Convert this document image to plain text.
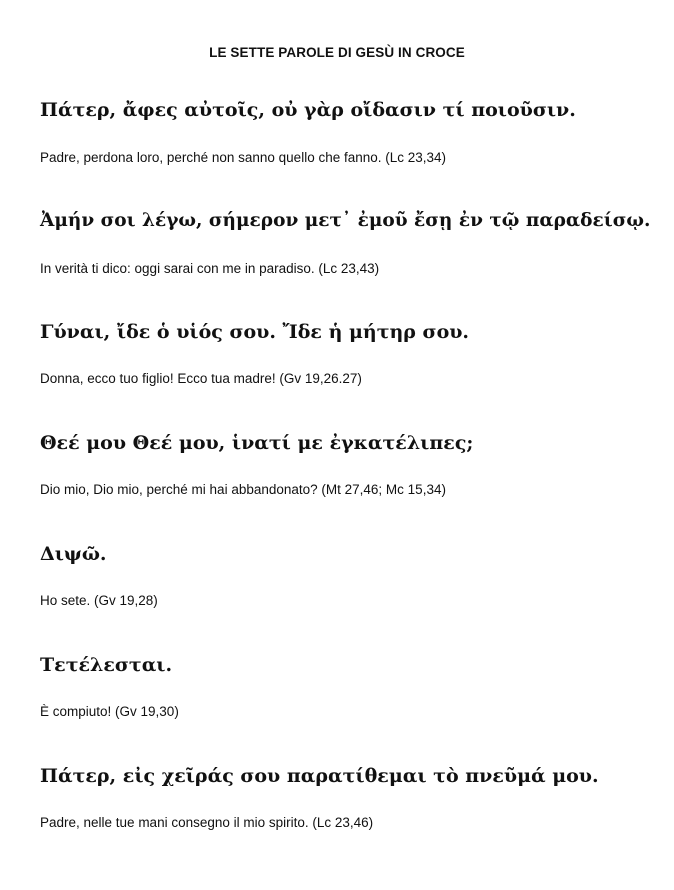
LE SETTE PAROLE DI GESÙ IN CROCE
Πάτερ, ἄφες αὐτοῖς, οὐ γὰρ οἴδασιν τί ποιοῦσιν.
Padre, perdona loro, perché non sanno quello che fanno. (Lc 23,34)
Ἀμήν σοι λέγω, σήμερον μετ᾽ ἐμοῦ ἔσῃ ἐν τῷ παραδείσῳ.
In verità ti dico: oggi sarai con me in paradiso. (Lc 23,43)
Γύναι, ἴδε ὁ υἱός σου. Ἴδε ἡ μήτηρ σου.
Donna, ecco tuo figlio! Ecco tua madre! (Gv 19,26.27)
Θεέ μου Θεέ μου, ἱνατί με ἐγκατέλιπες;
Dio mio, Dio mio, perché mi hai abbandonato? (Mt 27,46; Mc 15,34)
Διψῶ.
Ho sete. (Gv 19,28)
Τετέλεσται.
È compiuto! (Gv 19,30)
Πάτερ, εἰς χεῖράς σου παρατίθεμαι τὸ πνεῦμά μου.
Padre, nelle tue mani consegno il mio spirito. (Lc 23,46)
